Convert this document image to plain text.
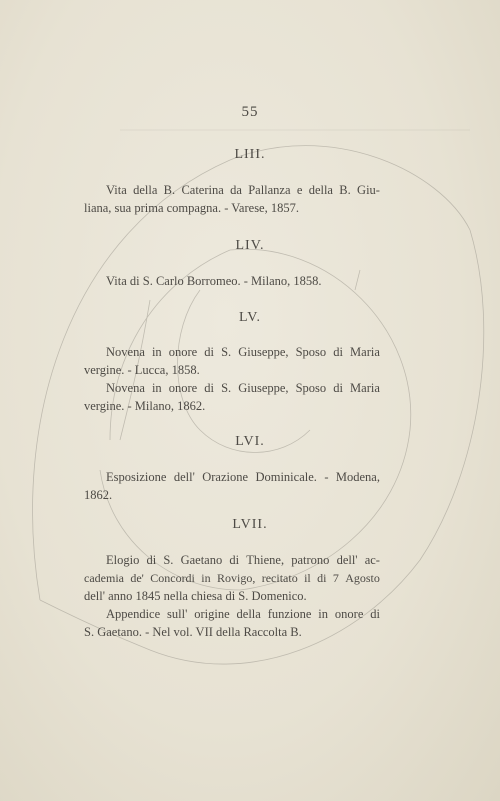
55
LIII.
Vita della B. Caterina da Pallanza e della B. Giu-
liana, sua prima compagna. - Varese, 1857.
LIV.
Vita di S. Carlo Borromeo. - Milano, 1858.
LV.
Novena in onore di S. Giuseppe, Sposo di Maria
vergine. - Lucca, 1858.
Novena in onore di S. Giuseppe, Sposo di Maria
vergine. - Milano, 1862.
LVI.
Esposizione dell' Orazione Dominicale. - Modena,
1862.
LVII.
Elogio di S. Gaetano di Thiene, patrono dell' ac-
cademia de' Concordi in Rovigo, recitato il di 7 Agosto
dell' anno 1845 nella chiesa di S. Domenico.
Appendice sull' origine della funzione in onore di
S. Gaetano. - Nel vol. VII della Raccolta B.
